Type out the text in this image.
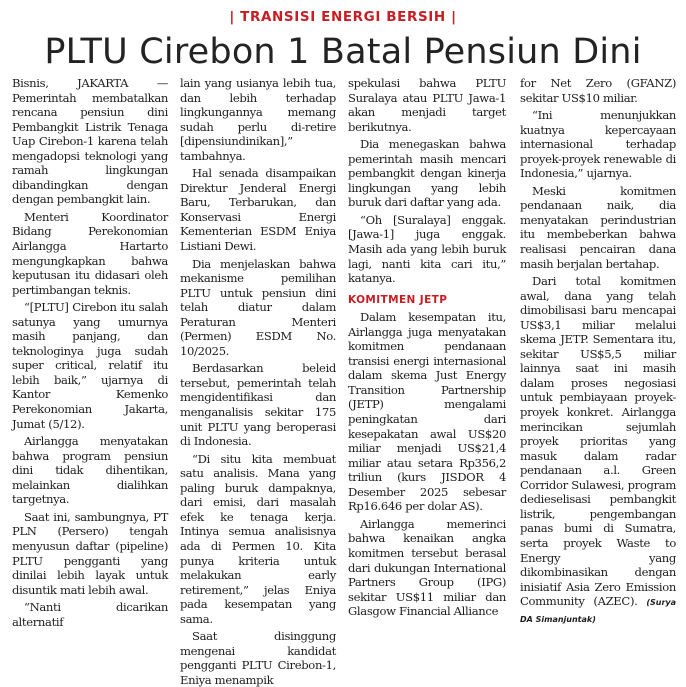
| TRANSISI ENERGI BERSIH |
PLTU Cirebon 1 Batal Pensiun Dini

Bisnis, JAKARTA — Pemerintah membatalkan rencana pensiun dini Pembangkit Listrik Tenaga Uap Cirebon-1 karena telah mengadopsi teknologi yang ramah lingkungan dibandingkan dengan dengan pembangkit lain.

Menteri Koordinator Bidang Perekonomian Airlangga Hartarto mengungkapkan bahwa keputusan itu didasari oleh pertimbangan teknis.

“[PLTU] Cirebon itu salah satunya yang umurnya masih panjang, dan teknologinya juga sudah super critical, relatif itu lebih baik,” ujarnya di Kantor Kemenko Perekonomian Jakarta, Jumat (5/12).

Airlangga menyatakan bahwa program pensiun dini tidak dihentikan, melainkan dialihkan targetnya.

Saat ini, sambungnya, PT PLN (Persero) tengah menyusun daftar (pipeline) PLTU pengganti yang dinilai lebih layak untuk disuntik mati lebih awal.

“Nanti dicarikan alternatif

lain yang usianya lebih tua, dan lebih terhadap lingkungannya memang sudah perlu di-retire [dipensiundinikan],” tambahnya.

Hal senada disampaikan Direktur Jenderal Energi Baru, Terbarukan, dan Konservasi Energi Kementerian ESDM Eniya Listiani Dewi.

Dia menjelaskan bahwa mekanisme pemilihan PLTU untuk pensiun dini telah diatur dalam Peraturan Menteri (Permen) ESDM No. 10/2025.

Berdasarkan beleid tersebut, pemerintah telah mengidentifikasi dan menganalisis sekitar 175 unit PLTU yang beroperasi di Indonesia.

“Di situ kita membuat satu analisis. Mana yang paling buruk dampaknya, dari emisi, dari masalah efek ke tenaga kerja. Intinya semua analisisnya ada di Permen 10. Kita punya kriteria untuk melakukan early retirement,” jelas Eniya pada kesempatan yang sama.

Saat disinggung mengenai kandidat pengganti PLTU Cirebon-1, Eniya menampik

spekulasi bahwa PLTU Suralaya atau PLTU Jawa-1 akan menjadi target berikutnya.

Dia menegaskan bahwa pemerintah masih mencari pembangkit dengan kinerja lingkungan yang lebih buruk dari daftar yang ada.

“Oh [Suralaya] enggak. [Jawa-1] juga enggak. Masih ada yang lebih buruk lagi, nanti kita cari itu,” katanya.

KOMITMEN JETP

Dalam kesempatan itu, Airlangga juga menyatakan komitmen pendanaan transisi energi internasional dalam skema Just Energy Transition Partnership (JETP) mengalami peningkatan dari kesepakatan awal US$20 miliar menjadi US$21,4 miliar atau setara Rp356,2 triliun (kurs JISDOR 4 Desember 2025 sebesar Rp16.646 per dolar AS).

Airlangga memerinci bahwa kenaikan angka komitmen tersebut berasal dari dukungan International Partners Group (IPG) sekitar US$11 miliar dan Glasgow Financial Alliance

for Net Zero (GFANZ) sekitar US$10 miliar.

“Ini menunjukkan kuatnya kepercayaan internasional terhadap proyek-proyek renewable di Indonesia,” ujarnya.

Meski komitmen pendanaan naik, dia menyatakan perindustrian itu membeberkan bahwa realisasi pencairan dana masih berjalan bertahap.

Dari total komitmen awal, dana yang telah dimobilisasi baru mencapai US$3,1 miliar melalui skema JETP. Sementara itu, sekitar US$5,5 miliar lainnya saat ini masih dalam proses negosiasi untuk pembiayaan proyek-proyek konkret. Airlangga merincikan sejumlah proyek prioritas yang masuk dalam radar pendanaan a.l. Green Corridor Sulawesi, program dedieselisasi pembangkit listrik, pengembangan panas bumi di Sumatra, serta proyek Waste to Energy yang dikombinasikan dengan inisiatif Asia Zero Emission Community (AZEC). (Surya DA Simanjuntak)
